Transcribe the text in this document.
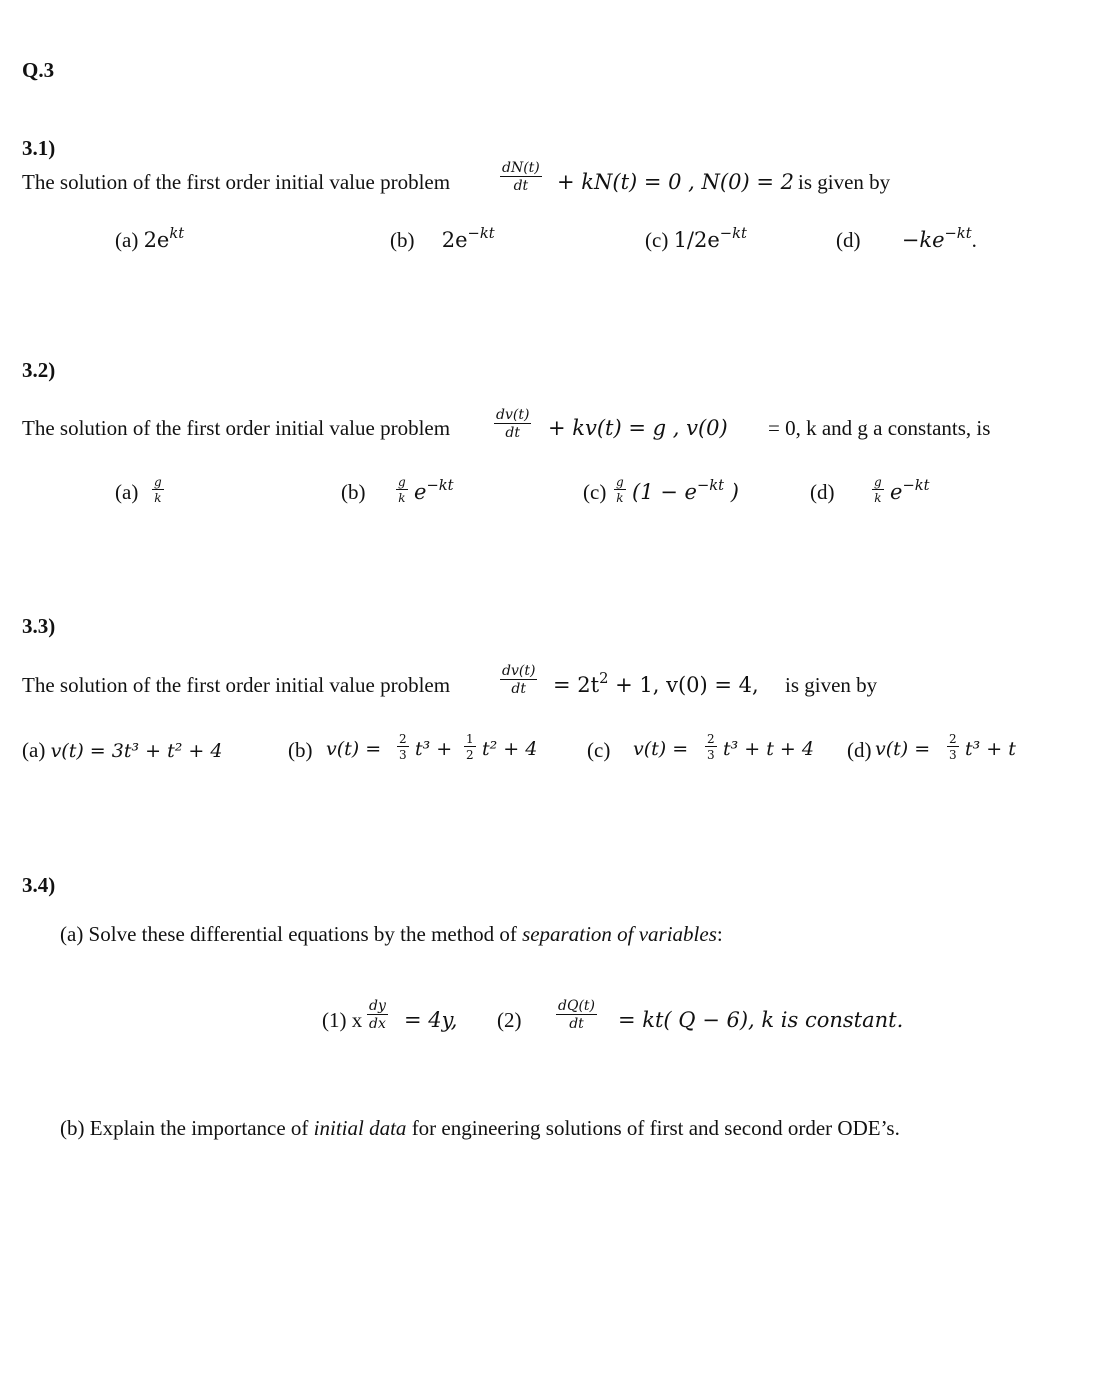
Q.3
3.1)
The solution of the first order initial value problem	$\frac{dN(t)}{dt} + kN(t) = 0$ , N(0) = 2 is given by
(a) $2e^{kt}$	(b) $2e^{-kt}$	(c) $1/2e^{-kt}$	$(d) -ke^{-kt}$.
3.2)
The solution of the first order initial value problem	$\frac{dv(t)}{dt} + kv(t) = g$ , v(0) = 0, k and g a constants, is
$(a) \frac{g}{k}$	(b)	$\frac{g}{k} e^{-kt}$	$(c) \frac{g}{k} (1 - e^{-kt}$ )	(d)	$\frac{g}{k} e^{-kt}$
3.3)
The solution of the first order initial value problem	$\frac{dv(t)}{dt} = 2t^2 + 1$, v(0) = 4, is given by
(a) v(t) = 3t³ + t² + 4	(b) $v(t) = \frac{2}{3} t^3 + \frac{1}{2} t^2 + 4$ (c) $v(t) = \frac{2}{3} t^3 + t + 4$ (d) $v(t) = \frac{2}{3} t^3 + t$
3.4)
(a) Solve these differential equations by the method of separation of variables:
(1) x $\frac{dy}{dx} = 4y$, $(2) \frac{dQ(t)}{dt} = kt$( Q − 6), k is constant.
(b) Explain the importance of initial data for engineering solutions of first and second order ODE’s.
